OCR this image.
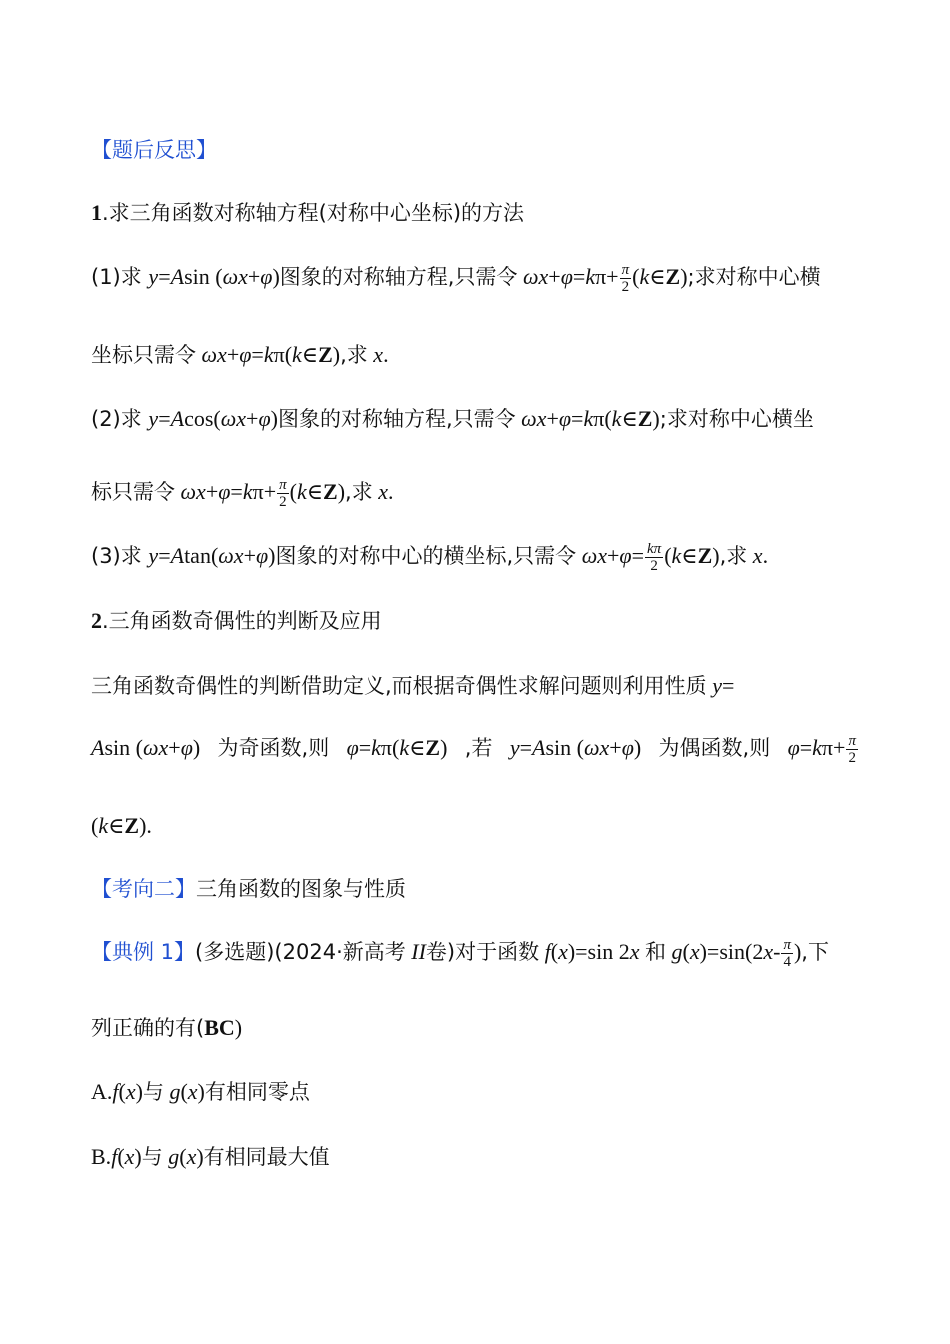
【题后反思】
1.求三角函数对称轴方程(对称中心坐标)的方法
(1)求 y=Asin (ωx+φ)图象的对称轴方程,只需令 $\omega x+\varphi=k\pi+ \frac{\pi}{2}$ (k∈Z);求对称中心横
坐标只需令 ωx+φ=kπ(k∈Z),求 x.
(2)求 y=Acos(ωx+φ)图象的对称轴方程,只需令 ωx+φ=kπ(k∈Z);求对称中心横坐
标只需令 $\omega x+\varphi=k\pi+ \frac{\pi}{2}$ (k∈Z),求 x.
(3)求 y=Atan(ωx+φ)图象的对称中心的横坐标,只需令 $\omega x+\varphi= \frac{k\pi}{2}$ (k∈Z),求 x.
2.三角函数奇偶性的判断及应用
三角函数奇偶性的判断借助定义,而根据奇偶性求解问题则利用性质 y=
Asin (ωx+φ) 为奇函数,则 φ=kπ(k∈Z) ,若 y=Asin (ωx+φ) 为偶函数,则 $\varphi=k\pi+ \frac{\pi}{2}$
(k∈Z).
【考向二】三角函数的图象与性质
【典例 1】(多选题)(2024·新高考 II卷)对于函数 f(x)=sin 2x 和 $g(x)=\sin(2x- \frac{\pi}{4}$ ),下
列正确的有(BC)
A.f(x)与 g(x)有相同零点
B.f(x)与 g(x)有相同最大值
